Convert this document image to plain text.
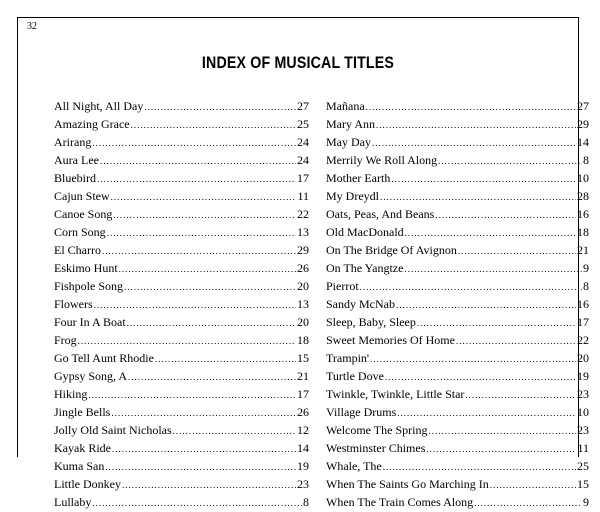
32
INDEX OF MUSICAL TITLES
All Night, All Day .....	27
Amazing Grace .....	25
Arirang .....	24
Aura Lee .....	24
Bluebird .....	17
Cajun Stew .....	11
Canoe Song .....	22
Corn Song .....	13
El Charro .....	29
Eskimo Hunt .....	26
Fishpole Song .....	20
Flowers .....	13
Four In A Boat .....	20
Frog .....	18
Go Tell Aunt Rhodie .....	15
Gypsy Song, A .....	21
Hiking .....	17
Jingle Bells .....	26
Jolly Old Saint Nicholas .....	12
Kayak Ride .....	14
Kuma San .....	19
Little Donkey .....	23
Lullaby .....	8
Mañana .....	27
Mary Ann .....	29
May Day .....	14
Merrily We Roll Along .....	8
Mother Earth .....	10
My Dreydl .....	28
Oats, Peas, And Beans .....	16
Old MacDonald .....	18
On The Bridge Of Avignon .....	21
On The Yangtze .....	9
Pierrot .....	8
Sandy McNab .....	16
Sleep, Baby, Sleep .....	17
Sweet Memories Of Home .....	22
Trampin' .....	20
Turtle Dove .....	19
Twinkle, Twinkle, Little Star .....	23
Village Drums .....	10
Welcome The Spring .....	23
Westminster Chimes .....	11
Whale, The .....	25
When The Saints Go Marching In .....	15
When The Train Comes Along .....	9
